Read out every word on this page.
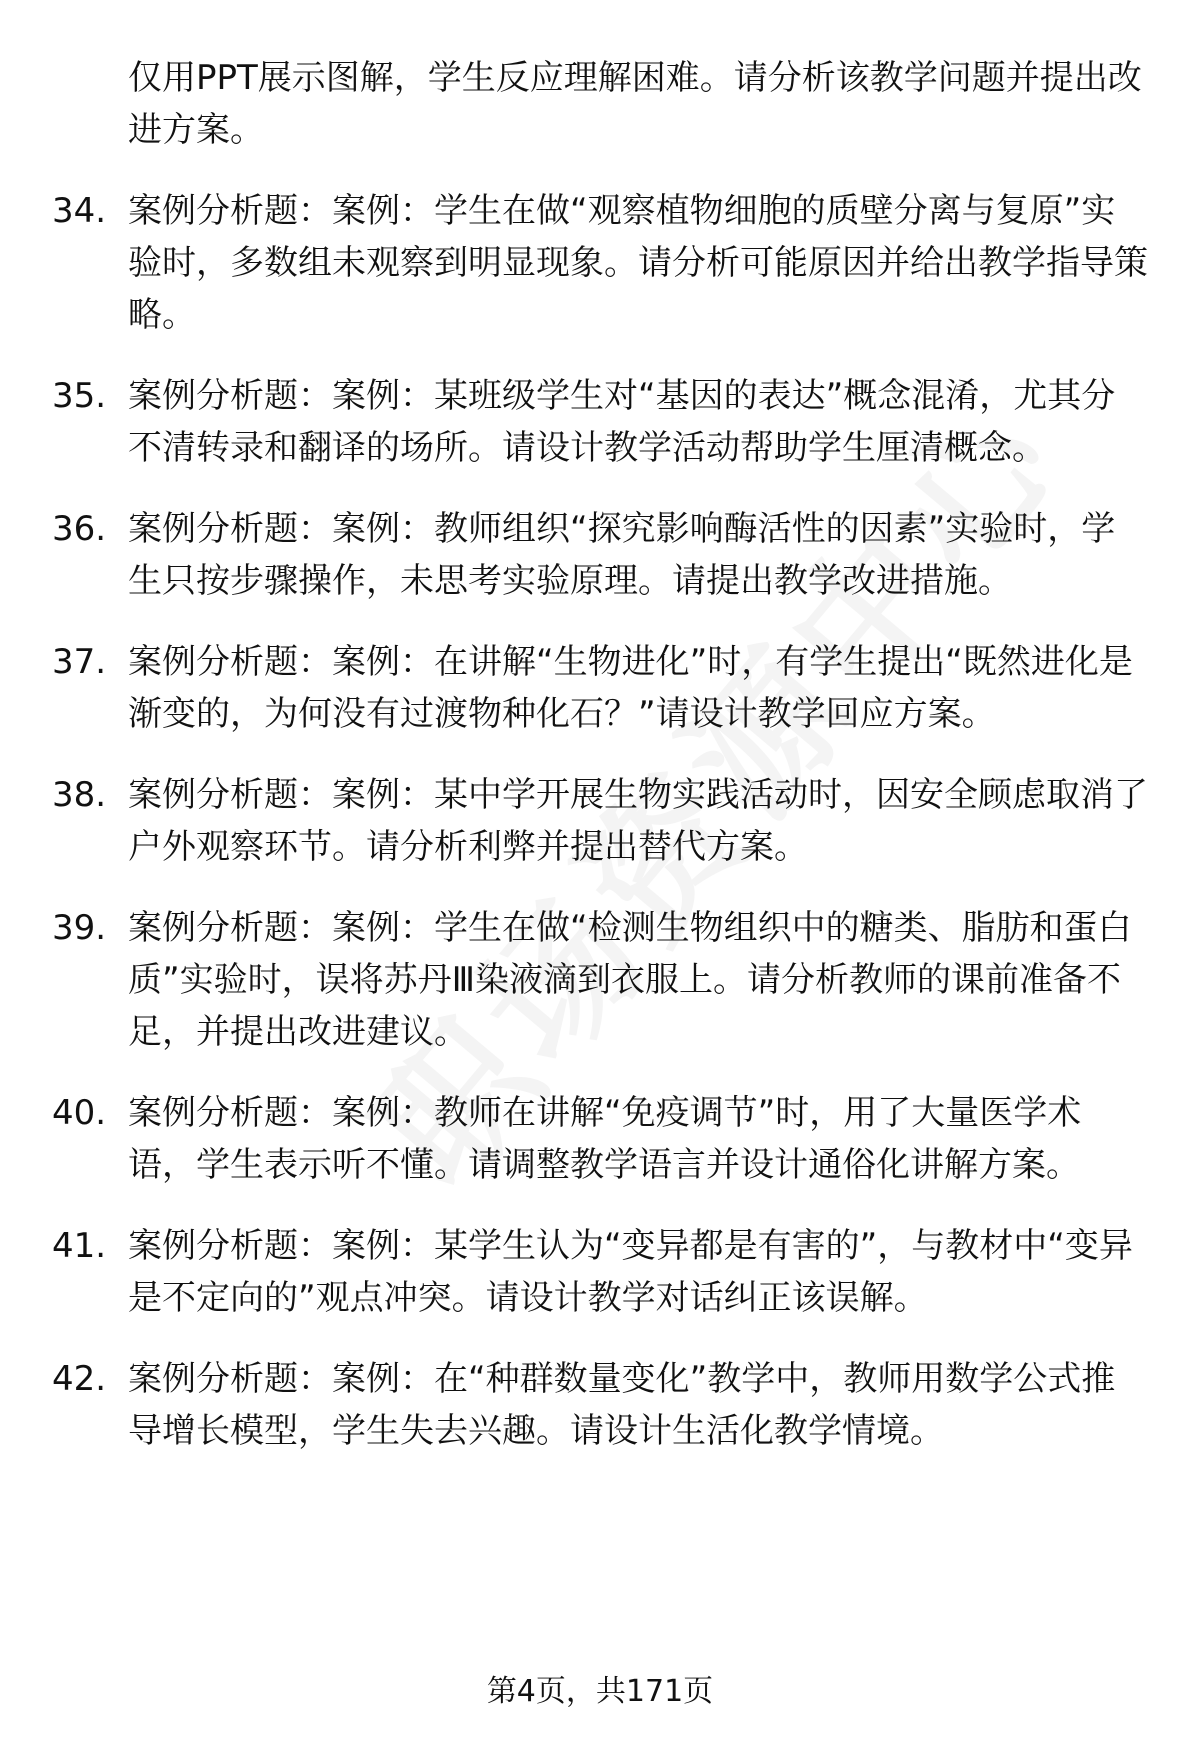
仅用PPT展示图解，学生反应理解困难。请分析该教学问题并提出改进方案。
34. 案例分析题：案例：学生在做“观察植物细胞的质壁分离与复原”实验时，多数组未观察到明显现象。请分析可能原因并给出教学指导策略。
35. 案例分析题：案例：某班级学生对“基因的表达”概念混淆，尤其分不清转录和翻译的场所。请设计教学活动帮助学生厘清概念。
36. 案例分析题：案例：教师组织“探究影响酶活性的因素”实验时，学生只按步骤操作，未思考实验原理。请提出教学改进措施。
37. 案例分析题：案例：在讲解“生物进化”时，有学生提出“既然进化是渐变的，为何没有过渡物种化石？”请设计教学回应方案。
38. 案例分析题：案例：某中学开展生物实践活动时，因安全顾虑取消了户外观察环节。请分析利弊并提出替代方案。
39. 案例分析题：案例：学生在做“检测生物组织中的糖类、脂肪和蛋白质”实验时，误将苏丹Ⅲ染液滴到衣服上。请分析教师的课前准备不足，并提出改进建议。
40. 案例分析题：案例：教师在讲解“免疫调节”时，用了大量医学术语，学生表示听不懂。请调整教学语言并设计通俗化讲解方案。
41. 案例分析题：案例：某学生认为“变异都是有害的”，与教材中“变异是不定向的”观点冲突。请设计教学对话纠正该误解。
42. 案例分析题：案例：在“种群数量变化”教学中，教师用数学公式推导增长模型，学生失去兴趣。请设计生活化教学情境。
第4页，共171页
